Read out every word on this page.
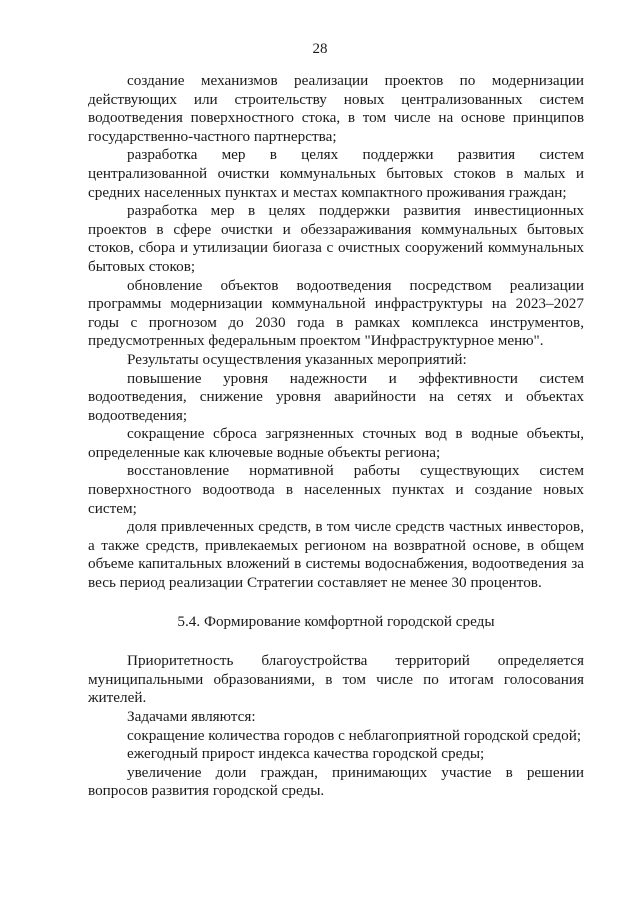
28

создание механизмов реализации проектов по модернизации действующих или строительству новых централизованных систем водоотведения поверхностного стока, в том числе на основе принципов государственно-частного партнерства;

разработка мер в целях поддержки развития систем централизованной очистки коммунальных бытовых стоков в малых и средних населенных пунктах и местах компактного проживания граждан;

разработка мер в целях поддержки развития инвестиционных проектов в сфере очистки и обеззараживания коммунальных бытовых стоков, сбора и утилизации биогаза с очистных сооружений коммунальных бытовых стоков;

обновление объектов водоотведения посредством реализации программы модернизации коммунальной инфраструктуры на 2023–2027 годы с прогнозом до 2030 года в рамках комплекса инструментов, предусмотренных федеральным проектом "Инфраструктурное меню".

Результаты осуществления указанных мероприятий:

повышение уровня надежности и эффективности систем водоотведения, снижение уровня аварийности на сетях и объектах водоотведения;

сокращение сброса загрязненных сточных вод в водные объекты, определенные как ключевые водные объекты региона;

восстановление нормативной работы существующих систем поверхностного водоотвода в населенных пунктах и создание новых систем;

доля привлеченных средств, в том числе средств частных инвесторов, а также средств, привлекаемых регионом на возвратной основе, в общем объеме капитальных вложений в системы водоснабжения, водоотведения за весь период реализации Стратегии составляет не менее 30 процентов.

5.4. Формирование комфортной городской среды

Приоритетность благоустройства территорий определяется муниципальными образованиями, в том числе по итогам голосования жителей.

Задачами являются:

сокращение количества городов с неблагоприятной городской средой;

ежегодный прирост индекса качества городской среды;

увеличение доли граждан, принимающих участие в решении вопросов развития городской среды.
